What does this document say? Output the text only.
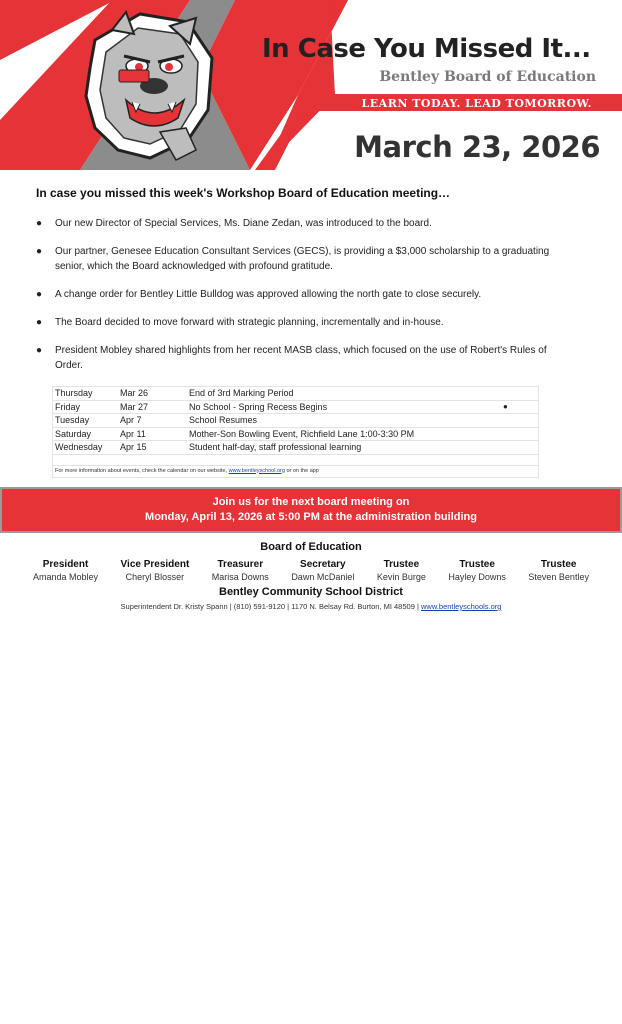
In Case You Missed It...
Bentley Board of Education
LEARN TODAY. LEAD TOMORROW.
March 23, 2026
In case you missed this week's Workshop Board of Education meeting…
● Our new Director of Special Services, Ms. Diane Zedan, was introduced to the board.
● Our partner, Genesee Education Consultant Services (GECS), is providing a $3,000 scholarship to a graduating senior, which the Board acknowledged with profound gratitude.
● A change order for Bentley Little Bulldog was approved allowing the north gate to close securely.
● The Board decided to move forward with strategic planning, incrementally and in-house.
● President Mobley shared highlights from her recent MASB class, which focused on the use of Robert's Rules of Order.
Thursday	Mar 26	End of 3rd Marking Period
Friday	Mar 27	No School - Spring Recess Begins	●
Tuesday	Apr 7	School Resumes
Saturday	Apr 11	Mother-Son Bowling Event, Richfield Lane 1:00-3:30 PM
Wednesday	Apr 15	Student half-day, staff professional learning
For more information about events, check the calendar on our website, www.bentleyschool.org or on the app
Join us for the next board meeting on
Monday, April 13, 2026 at 5:00 PM at the administration building
Board of Education
President
Amanda Mobley
Vice President
Cheryl Blosser
Treasurer
Marisa Downs
Secretary
Dawn McDaniel
Trustee
Kevin Burge
Trustee
Hayley Downs
Trustee
Steven Bentley
Bentley Community School District
Superintendent Dr. Kristy Spann | (810) 591-9120 | 1170 N. Belsay Rd. Burton, MI 48509 | www.bentleyschools.org
